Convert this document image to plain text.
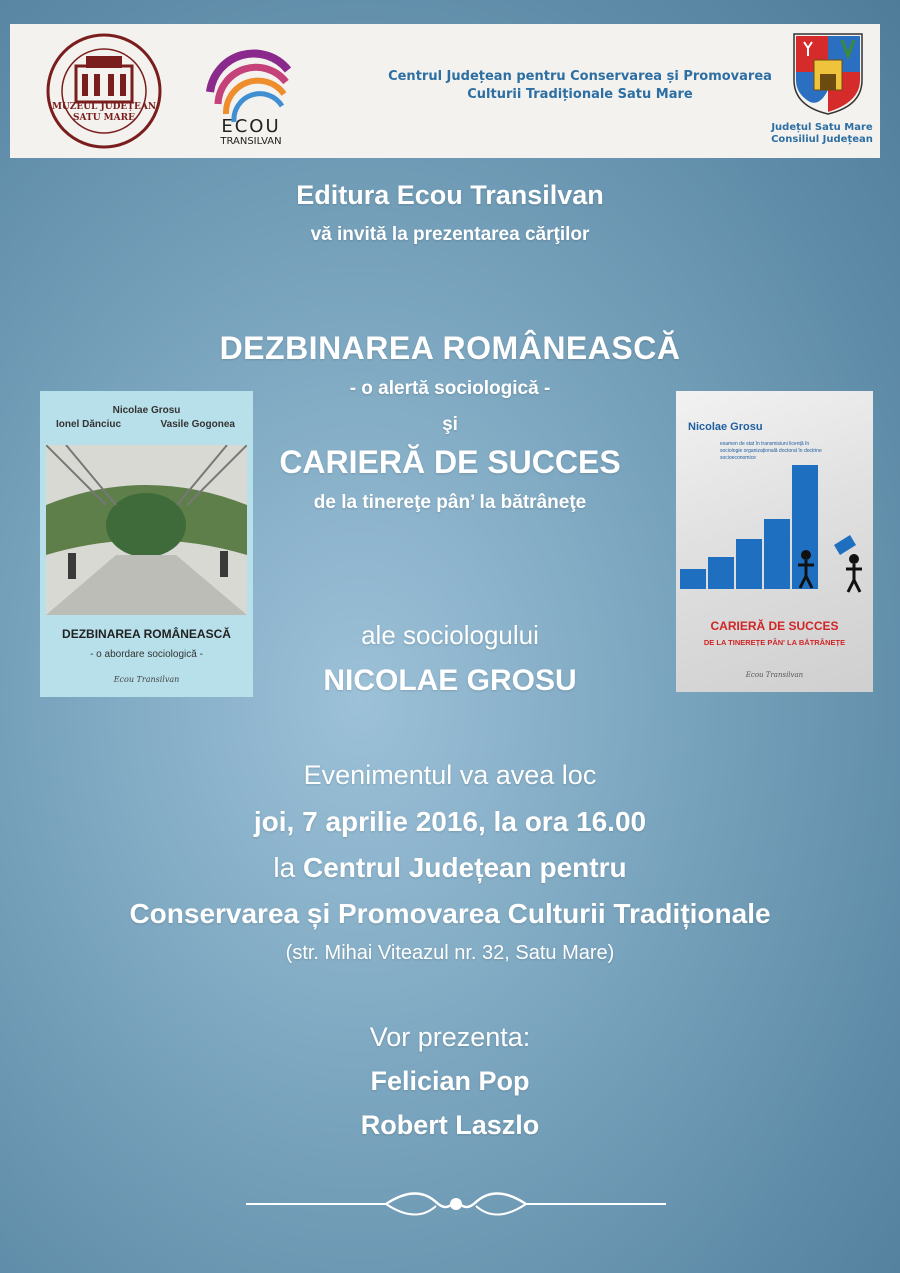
MUZEUL JUDEȚEAN
SATU MARE	ECOU
TRANSILVAN
Centrul Județean pentru Conservarea și Promovarea
Culturii Tradiționale Satu Mare
Județul Satu Mare
Consiliul Județean
Editura Ecou Transilvan
vă invită la prezentarea cărţilor
DEZBINAREA ROMÂNEASCĂ
- o alertă sociologică -
şi
CARIERĂ DE SUCCES
de la tinereţe pân’ la bătrâneţe
ale sociologului
NICOLAE GROSU
Nicolae Grosu
Ionel Dănciuc	Vasile Gogonea
DEZBINAREA ROMÂNEASCĂ
- o abordare sociologică -
Ecou Transilvan
Nicolae Grosu
examen de stat în transmisiuni licență în sociologie organizațională doctorat în doctrine socioeconomice
CARIERĂ DE SUCCES
DE LA TINEREȚE PÂN' LA BĂTRÂNEȚE
Ecou Transilvan
Evenimentul va avea loc
joi, 7 aprilie 2016, la ora 16.00
la Centrul Județean pentru
Conservarea și Promovarea Culturii Tradiționale
(str. Mihai Viteazul nr. 32, Satu Mare)
Vor prezenta:
Felician Pop
Robert Laszlo
